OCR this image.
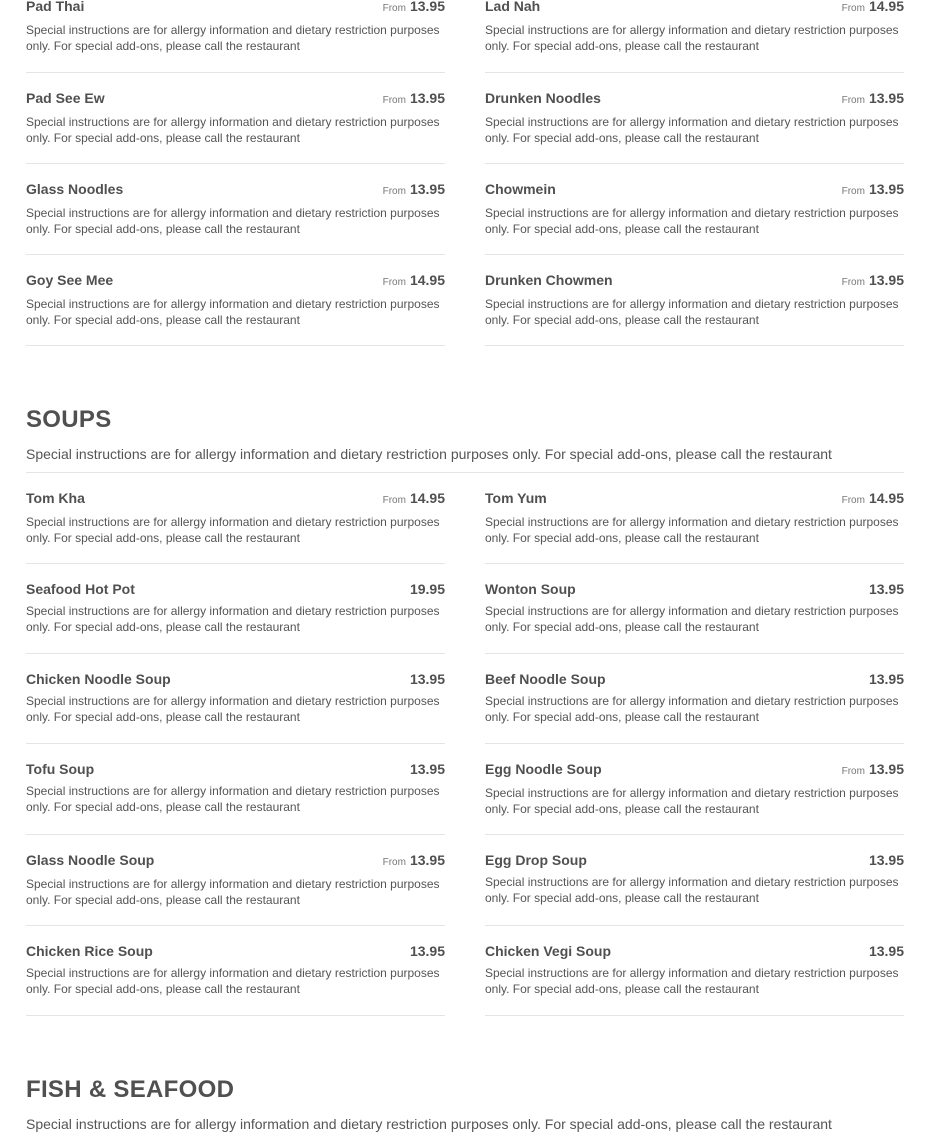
Pad Thai	From 13.95
Special instructions are for allergy information and dietary restriction purposes only. For special add-ons, please call the restaurant
Lad Nah	From 14.95
Special instructions are for allergy information and dietary restriction purposes only. For special add-ons, please call the restaurant
Pad See Ew	From 13.95
Special instructions are for allergy information and dietary restriction purposes only. For special add-ons, please call the restaurant
Drunken Noodles	From 13.95
Special instructions are for allergy information and dietary restriction purposes only. For special add-ons, please call the restaurant
Glass Noodles	From 13.95
Special instructions are for allergy information and dietary restriction purposes only. For special add-ons, please call the restaurant
Chowmein	From 13.95
Special instructions are for allergy information and dietary restriction purposes only. For special add-ons, please call the restaurant
Goy See Mee	From 14.95
Special instructions are for allergy information and dietary restriction purposes only. For special add-ons, please call the restaurant
Drunken Chowmen	From 13.95
Special instructions are for allergy information and dietary restriction purposes only. For special add-ons, please call the restaurant
SOUPS
Special instructions are for allergy information and dietary restriction purposes only. For special add-ons, please call the restaurant
Tom Kha	From 14.95
Special instructions are for allergy information and dietary restriction purposes only. For special add-ons, please call the restaurant
Tom Yum	From 14.95
Special instructions are for allergy information and dietary restriction purposes only. For special add-ons, please call the restaurant
Seafood Hot Pot	19.95
Special instructions are for allergy information and dietary restriction purposes only. For special add-ons, please call the restaurant
Wonton Soup	13.95
Special instructions are for allergy information and dietary restriction purposes only. For special add-ons, please call the restaurant
Chicken Noodle Soup	13.95
Special instructions are for allergy information and dietary restriction purposes only. For special add-ons, please call the restaurant
Beef Noodle Soup	13.95
Special instructions are for allergy information and dietary restriction purposes only. For special add-ons, please call the restaurant
Tofu Soup	13.95
Special instructions are for allergy information and dietary restriction purposes only. For special add-ons, please call the restaurant
Egg Noodle Soup	From 13.95
Special instructions are for allergy information and dietary restriction purposes only. For special add-ons, please call the restaurant
Glass Noodle Soup	From 13.95
Special instructions are for allergy information and dietary restriction purposes only. For special add-ons, please call the restaurant
Egg Drop Soup	13.95
Special instructions are for allergy information and dietary restriction purposes only. For special add-ons, please call the restaurant
Chicken Rice Soup	13.95
Special instructions are for allergy information and dietary restriction purposes only. For special add-ons, please call the restaurant
Chicken Vegi Soup	13.95
Special instructions are for allergy information and dietary restriction purposes only. For special add-ons, please call the restaurant
FISH & SEAFOOD
Special instructions are for allergy information and dietary restriction purposes only. For special add-ons, please call the restaurant
